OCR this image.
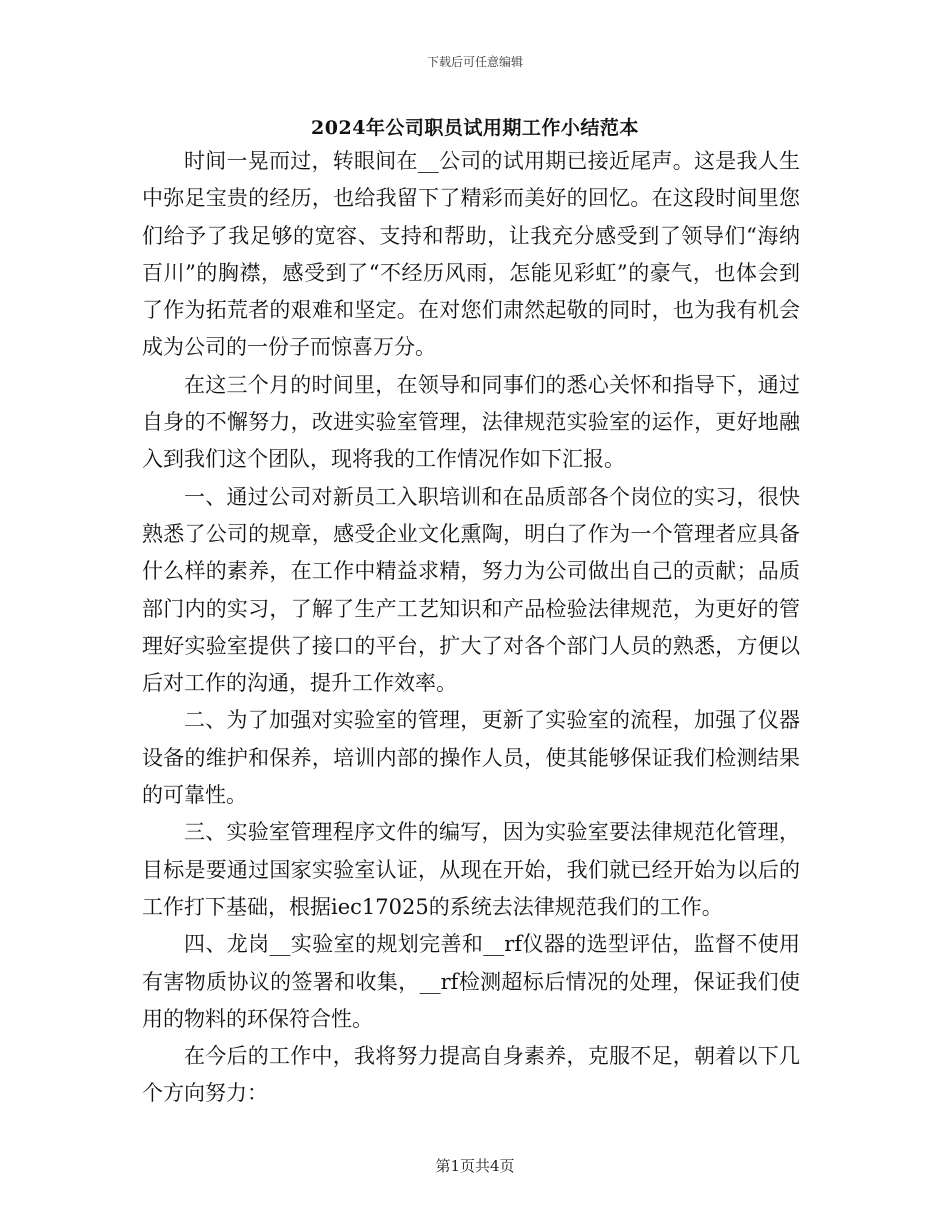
下载后可任意编辑
2024年公司职员试用期工作小结范本

时间一晃而过，转眼间在__公司的试用期已接近尾声。这是我人生中弥足宝贵的经历，也给我留下了精彩而美好的回忆。在这段时间里您们给予了我足够的宽容、支持和帮助，让我充分感受到了领导们“海纳百川”的胸襟，感受到了“不经历风雨，怎能见彩虹”的豪气，也体会到了作为拓荒者的艰难和坚定。在对您们肃然起敬的同时，也为我有机会成为公司的一份子而惊喜万分。

在这三个月的时间里，在领导和同事们的悉心关怀和指导下，通过自身的不懈努力，改进实验室管理，法律规范实验室的运作，更好地融入到我们这个团队，现将我的工作情况作如下汇报。

一、通过公司对新员工入职培训和在品质部各个岗位的实习，很快熟悉了公司的规章，感受企业文化熏陶，明白了作为一个管理者应具备什么样的素养，在工作中精益求精，努力为公司做出自己的贡献；品质部门内的实习，了解了生产工艺知识和产品检验法律规范，为更好的管理好实验室提供了接口的平台，扩大了对各个部门人员的熟悉，方便以后对工作的沟通，提升工作效率。

二、为了加强对实验室的管理，更新了实验室的流程，加强了仪器设备的维护和保养，培训内部的操作人员，使其能够保证我们检测结果的可靠性。

三、实验室管理程序文件的编写，因为实验室要法律规范化管理，目标是要通过国家实验室认证，从现在开始，我们就已经开始为以后的工作打下基础，根据iec17025的系统去法律规范我们的工作。

四、龙岗__实验室的规划完善和__rf仪器的选型评估，监督不使用有害物质协议的签署和收集，__rf检测超标后情况的处理，保证我们使用的物料的环保符合性。

在今后的工作中，我将努力提高自身素养，克服不足，朝着以下几个方向努力：

第1页共4页
